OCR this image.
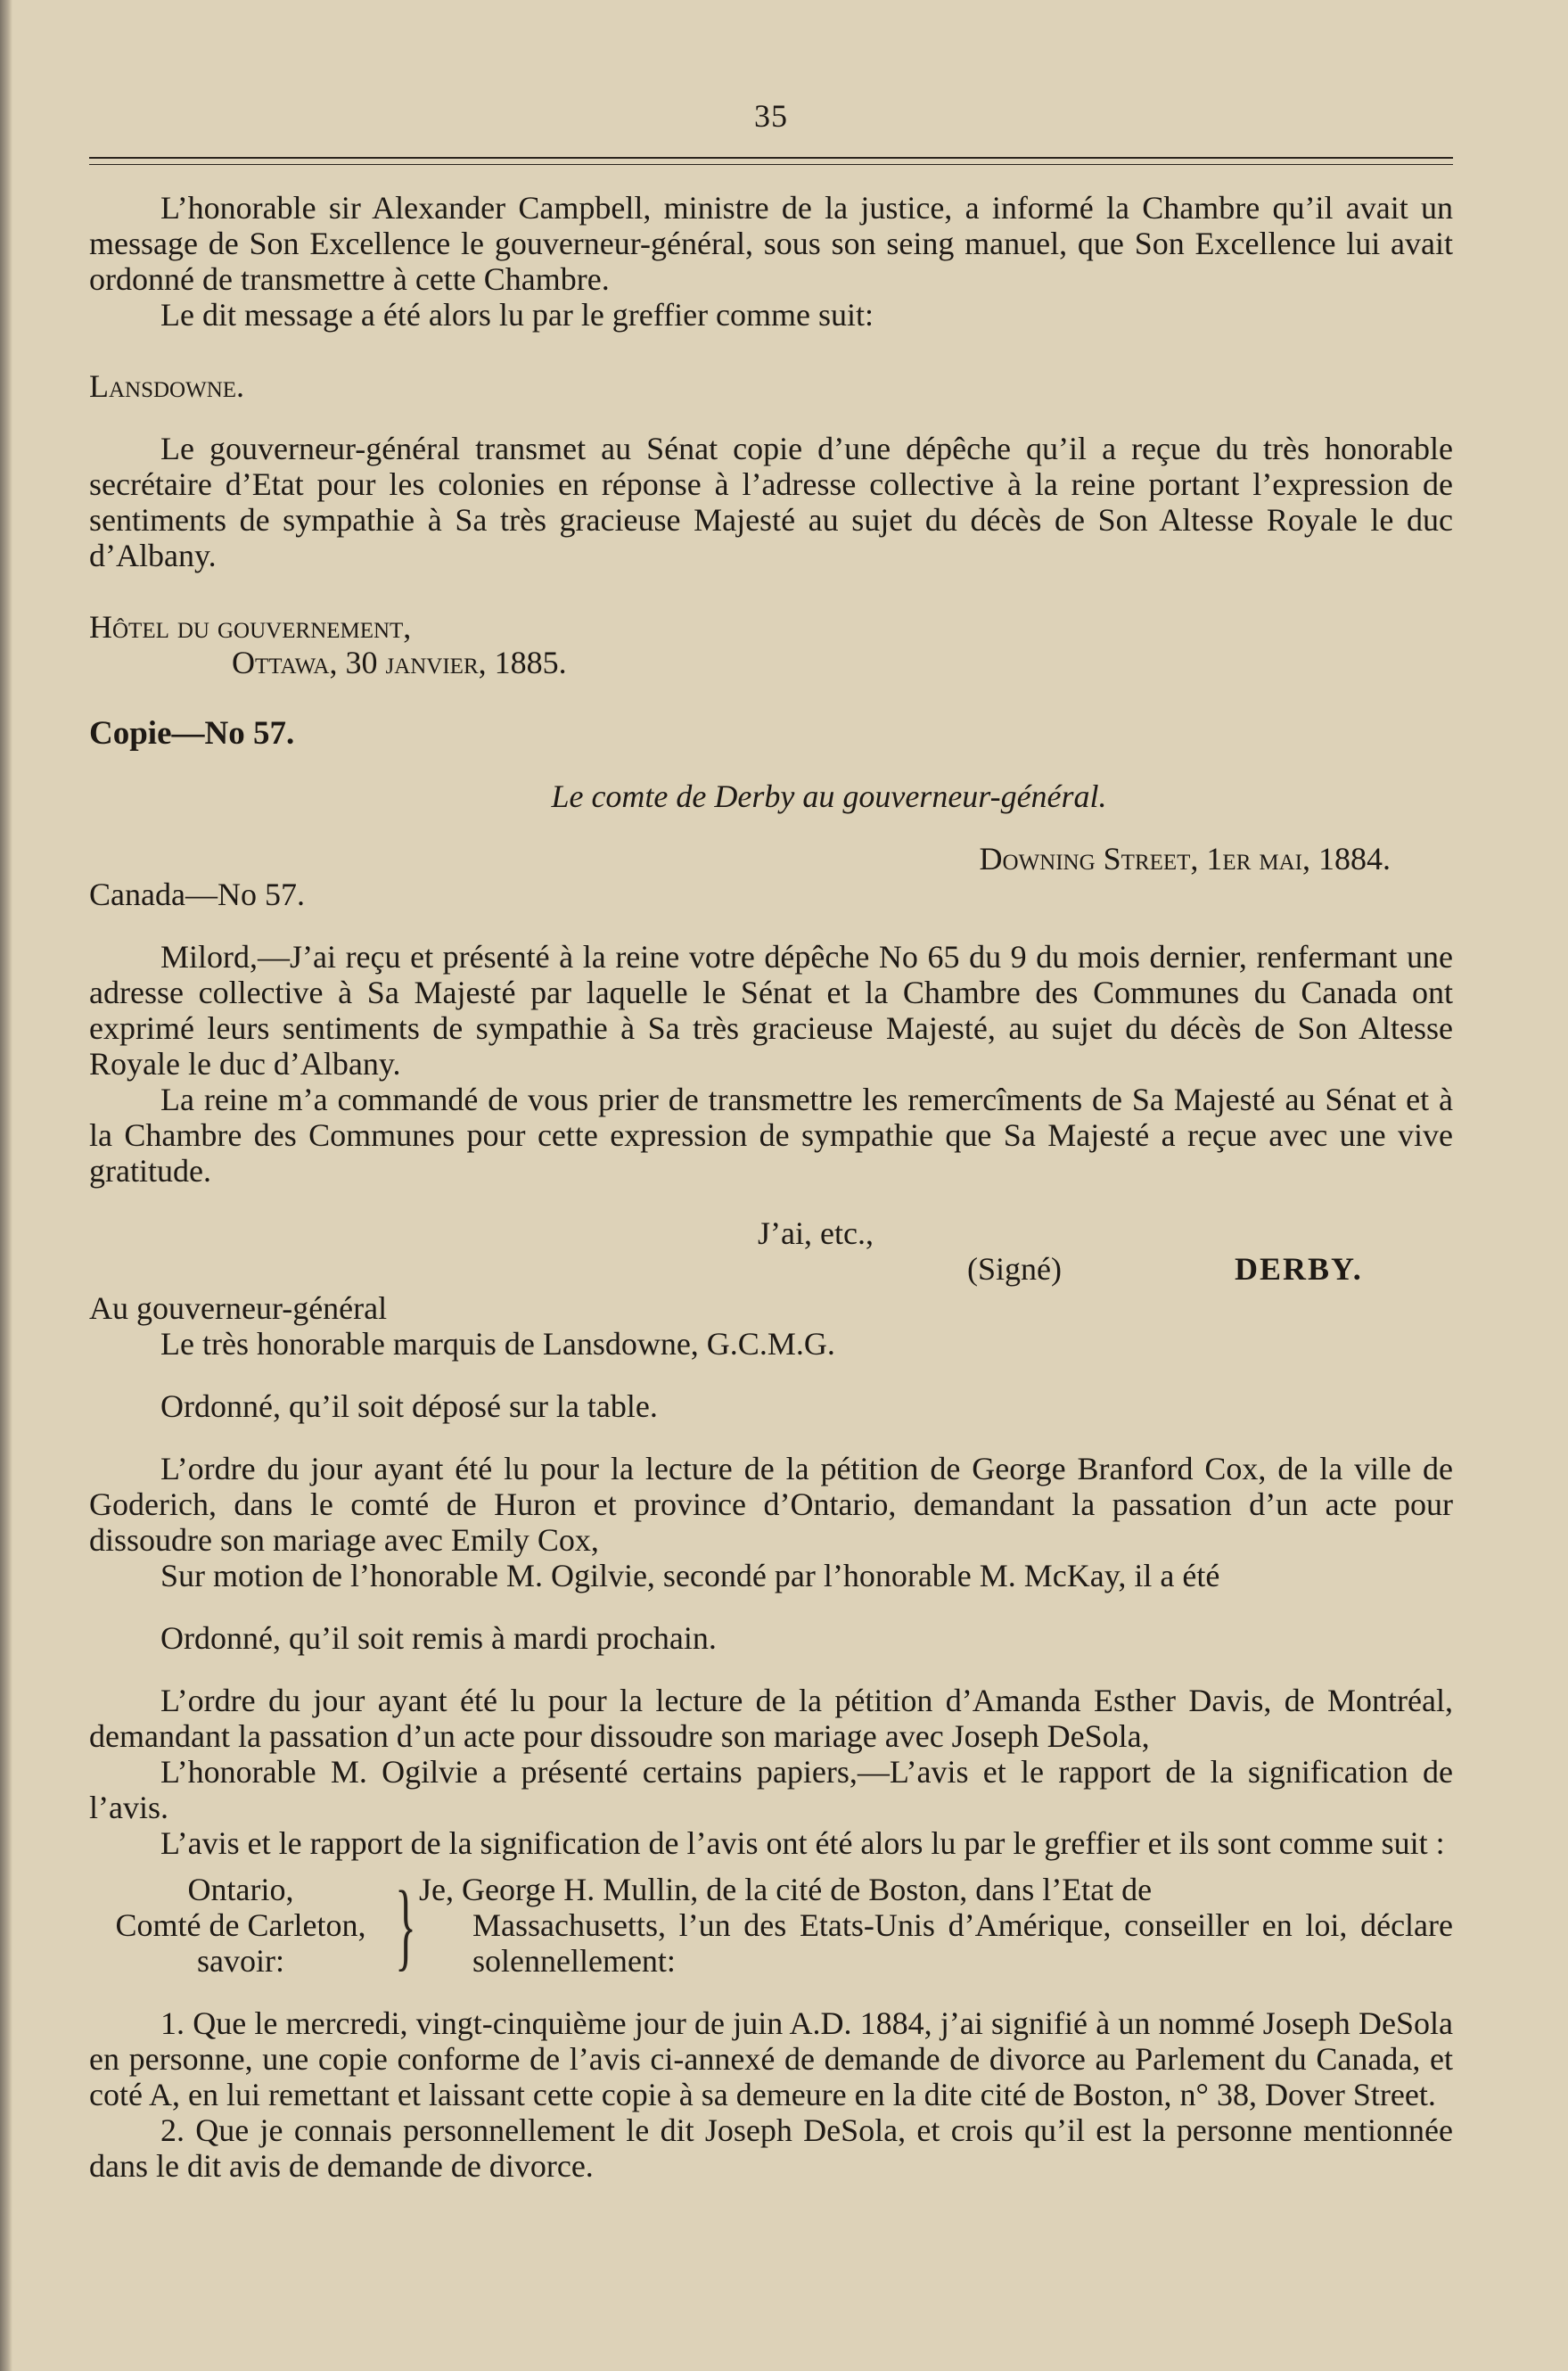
35

L’honorable sir Alexander Campbell, ministre de la justice, a informé la Chambre qu’il avait un message de Son Excellence le gouverneur-général, sous son seing manuel, que Son Excellence lui avait ordonné de transmettre à cette Chambre.

Le dit message a été alors lu par le greffier comme suit:

Lansdowne.

Le gouverneur-général transmet au Sénat copie d’une dépêche qu’il a reçue du très honorable secrétaire d’Etat pour les colonies en réponse à l’adresse collective à la reine portant l’expression de sentiments de sympathie à Sa très gracieuse Majesté au sujet du décès de Son Altesse Royale le duc d’Albany.

Hôtel du gouvernement,

Ottawa, 30 janvier, 1885.

Copie—No 57.

Le comte de Derby au gouverneur-général.

Downing Street, 1er mai, 1884.

Canada—No 57.

Milord,—J’ai reçu et présenté à la reine votre dépêche No 65 du 9 du mois dernier, renfermant une adresse collective à Sa Majesté par laquelle le Sénat et la Chambre des Communes du Canada ont exprimé leurs sentiments de sympathie à Sa très gracieuse Majesté, au sujet du décès de Son Altesse Royale le duc d’Albany.

La reine m’a commandé de vous prier de transmettre les remercîments de Sa Majesté au Sénat et à la Chambre des Communes pour cette expression de sympathie que Sa Majesté a reçue avec une vive gratitude.

J’ai, etc.,

(Signé)	DERBY.

Au gouverneur-général

Le très honorable marquis de Lansdowne, G.C.M.G.

Ordonné, qu’il soit déposé sur la table.

L’ordre du jour ayant été lu pour la lecture de la pétition de George Branford Cox, de la ville de Goderich, dans le comté de Huron et province d’Ontario, demandant la passation d’un acte pour dissoudre son mariage avec Emily Cox,

Sur motion de l’honorable M. Ogilvie, secondé par l’honorable M. McKay, il a été

Ordonné, qu’il soit remis à mardi prochain.

L’ordre du jour ayant été lu pour la lecture de la pétition d’Amanda Esther Davis, de Montréal, demandant la passation d’un acte pour dissoudre son mariage avec Joseph DeSola,

L’honorable M. Ogilvie a présenté certains papiers,—L’avis et le rapport de la signification de l’avis.

L’avis et le rapport de la signification de l’avis ont été alors lu par le greffier et ils sont comme suit :

Ontario,
Comté de Carleton,
savoir:	} Je, George H. Mullin, de la cité de Boston, dans l’Etat de
Massachusetts, l’un des Etats-Unis d’Amérique, conseiller en loi, déclare solennellement:

1. Que le mercredi, vingt-cinquième jour de juin A.D. 1884, j’ai signifié à un nommé Joseph DeSola en personne, une copie conforme de l’avis ci-annexé de demande de divorce au Parlement du Canada, et coté A, en lui remettant et laissant cette copie à sa demeure en la dite cité de Boston, n° 38, Dover Street.

2. Que je connais personnellement le dit Joseph DeSola, et crois qu’il est la personne mentionnée dans le dit avis de demande de divorce.
